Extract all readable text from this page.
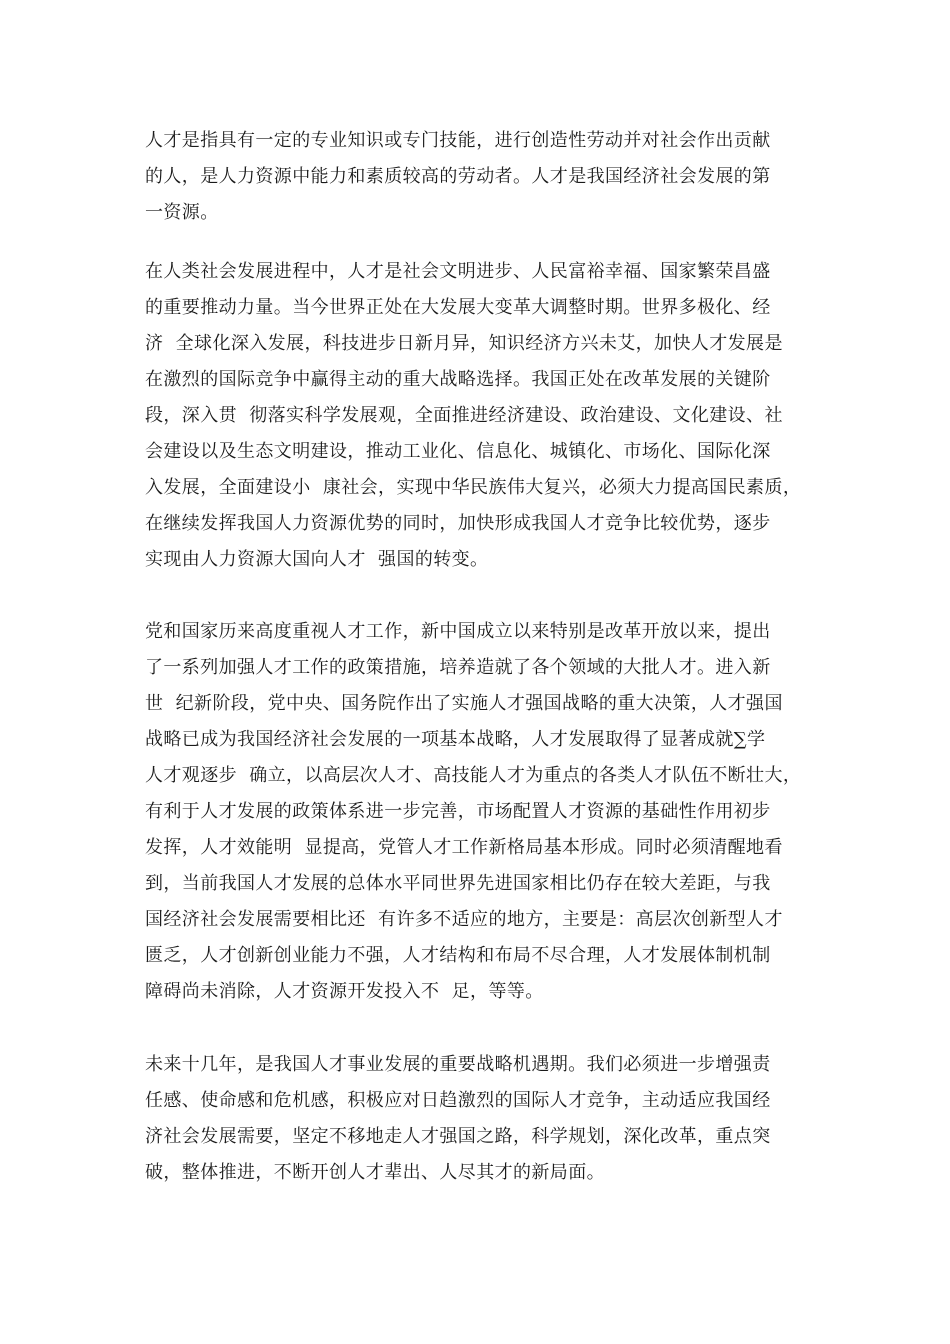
人才是指具有一定的专业知识或专门技能，进行创造性劳动并对社会作出贡献
的人，是人力资源中能力和素质较高的劳动者。人才是我国经济社会发展的第
一资源。
在人类社会发展进程中，人才是社会文明进步、人民富裕幸福、国家繁荣昌盛
的重要推动力量。当今世界正处在大发展大变革大调整时期。世界多极化、经
济  全球化深入发展，科技进步日新月异，知识经济方兴未艾，加快人才发展是
在激烈的国际竞争中赢得主动的重大战略选择。我国正处在改革发展的关键阶
段，深入贯  彻落实科学发展观，全面推进经济建设、政治建设、文化建设、社
会建设以及生态文明建设，推动工业化、信息化、城镇化、市场化、国际化深
入发展，全面建设小  康社会，实现中华民族伟大复兴，必须大力提高国民素质，
在继续发挥我国人力资源优势的同时，加快形成我国人才竞争比较优势，逐步
实现由人力资源大国向人才  强国的转变。
党和国家历来高度重视人才工作，新中国成立以来特别是改革开放以来，提出
了一系列加强人才工作的政策措施，培养造就了各个领域的大批人才。进入新
世  纪新阶段，党中央、国务院作出了实施人才强国战略的重大决策，人才强国
战略已成为我国经济社会发展的一项基本战略，人才发展取得了显著成就∑学
人才观逐步  确立，以高层次人才、高技能人才为重点的各类人才队伍不断壮大，
有利于人才发展的政策体系进一步完善，市场配置人才资源的基础性作用初步
发挥，人才效能明  显提高，党管人才工作新格局基本形成。同时必须清醒地看
到，当前我国人才发展的总体水平同世界先进国家相比仍存在较大差距，与我
国经济社会发展需要相比还  有许多不适应的地方，主要是：高层次创新型人才
匮乏，人才创新创业能力不强，人才结构和布局不尽合理，人才发展体制机制
障碍尚未消除，人才资源开发投入不  足，等等。
未来十几年，是我国人才事业发展的重要战略机遇期。我们必须进一步增强责
任感、使命感和危机感，积极应对日趋激烈的国际人才竞争，主动适应我国经
济社会发展需要，坚定不移地走人才强国之路，科学规划，深化改革，重点突
破，整体推进，不断开创人才辈出、人尽其才的新局面。
